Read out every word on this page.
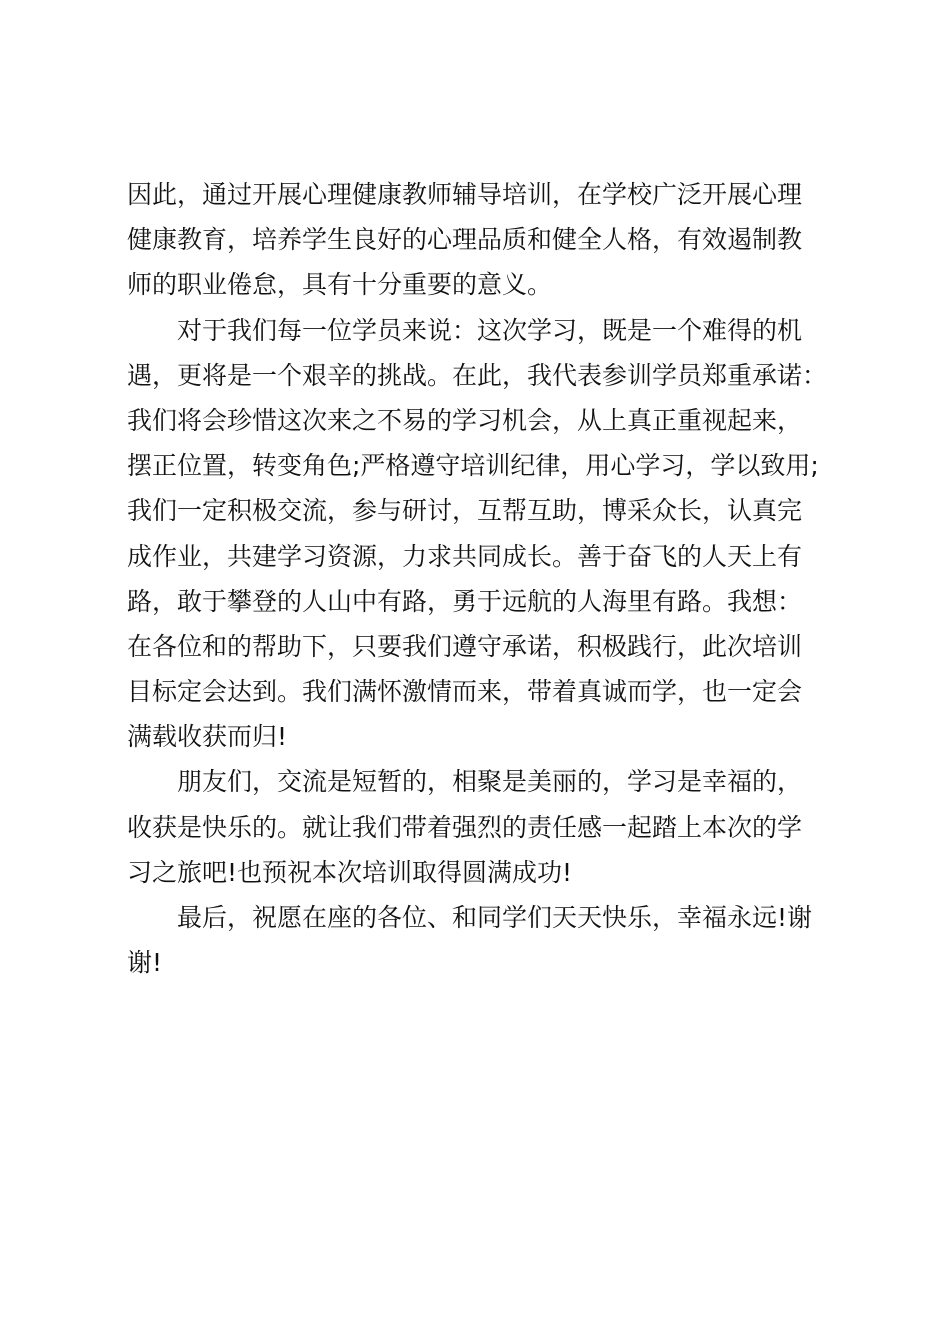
因此，通过开展心理健康教师辅导培训，在学校广泛开展心理
健康教育，培养学生良好的心理品质和健全人格，有效遏制教
师的职业倦怠，具有十分重要的意义。

对于我们每一位学员来说：这次学习，既是一个难得的机
遇，更将是一个艰辛的挑战。在此，我代表参训学员郑重承诺：
我们将会珍惜这次来之不易的学习机会，从上真正重视起来，
摆正位置，转变角色;严格遵守培训纪律，用心学习，学以致用;
我们一定积极交流，参与研讨，互帮互助，博采众长，认真完
成作业，共建学习资源，力求共同成长。善于奋飞的人天上有
路，敢于攀登的人山中有路，勇于远航的人海里有路。我想：
在各位和的帮助下，只要我们遵守承诺，积极践行，此次培训
目标定会达到。我们满怀激情而来，带着真诚而学，也一定会
满载收获而归!

朋友们，交流是短暂的，相聚是美丽的，学习是幸福的，
收获是快乐的。就让我们带着强烈的责任感一起踏上本次的学
习之旅吧!也预祝本次培训取得圆满成功!

最后，祝愿在座的各位、和同学们天天快乐，幸福永远!谢
谢!
